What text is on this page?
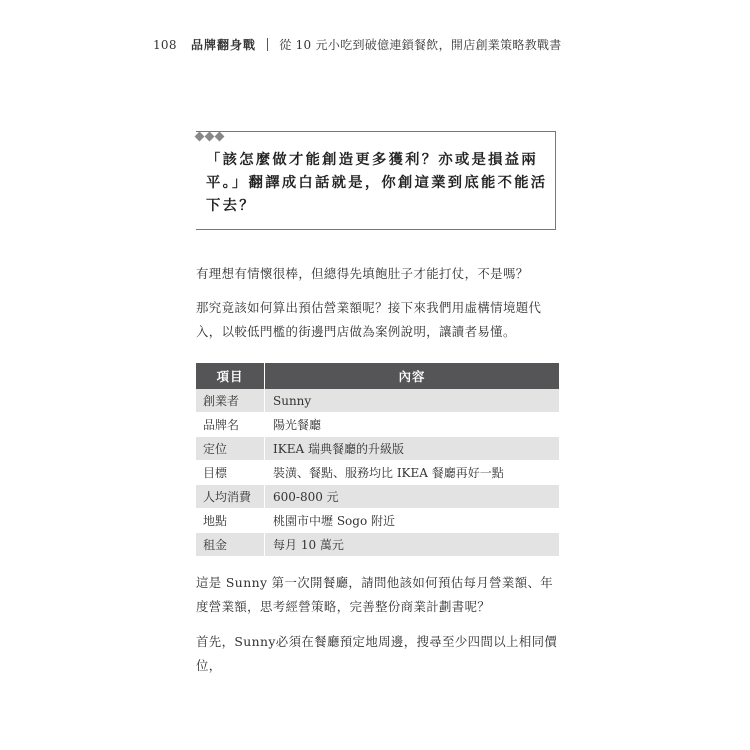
108 品牌翻身戰 從 10 元小吃到破億連鎖餐飲，開店創業策略教戰書

「該怎麼做才能創造更多獲利？亦或是損益兩平。」翻譯成白話就是，你創這業到底能不能活下去？

有理想有情懷很棒，但總得先填飽肚子才能打仗，不是嗎？

那究竟該如何算出預估營業額呢？接下來我們用虛構情境題代入，以較低門檻的街邊門店做為案例說明，讓讀者易懂。

項目	內容
創業者	Sunny
品牌名	陽光餐廳
定位	IKEA 瑞典餐廳的升級版
目標	裝潢、餐點、服務均比 IKEA 餐廳再好一點
人均消費	600-800 元
地點	桃園市中壢 Sogo 附近
租金	每月 10 萬元

這是 Sunny 第一次開餐廳，請問他該如何預估每月營業額、年度營業額，思考經營策略，完善整份商業計劃書呢？

首先，Sunny必須在餐廳預定地周邊，搜尋至少四間以上相同價位，
